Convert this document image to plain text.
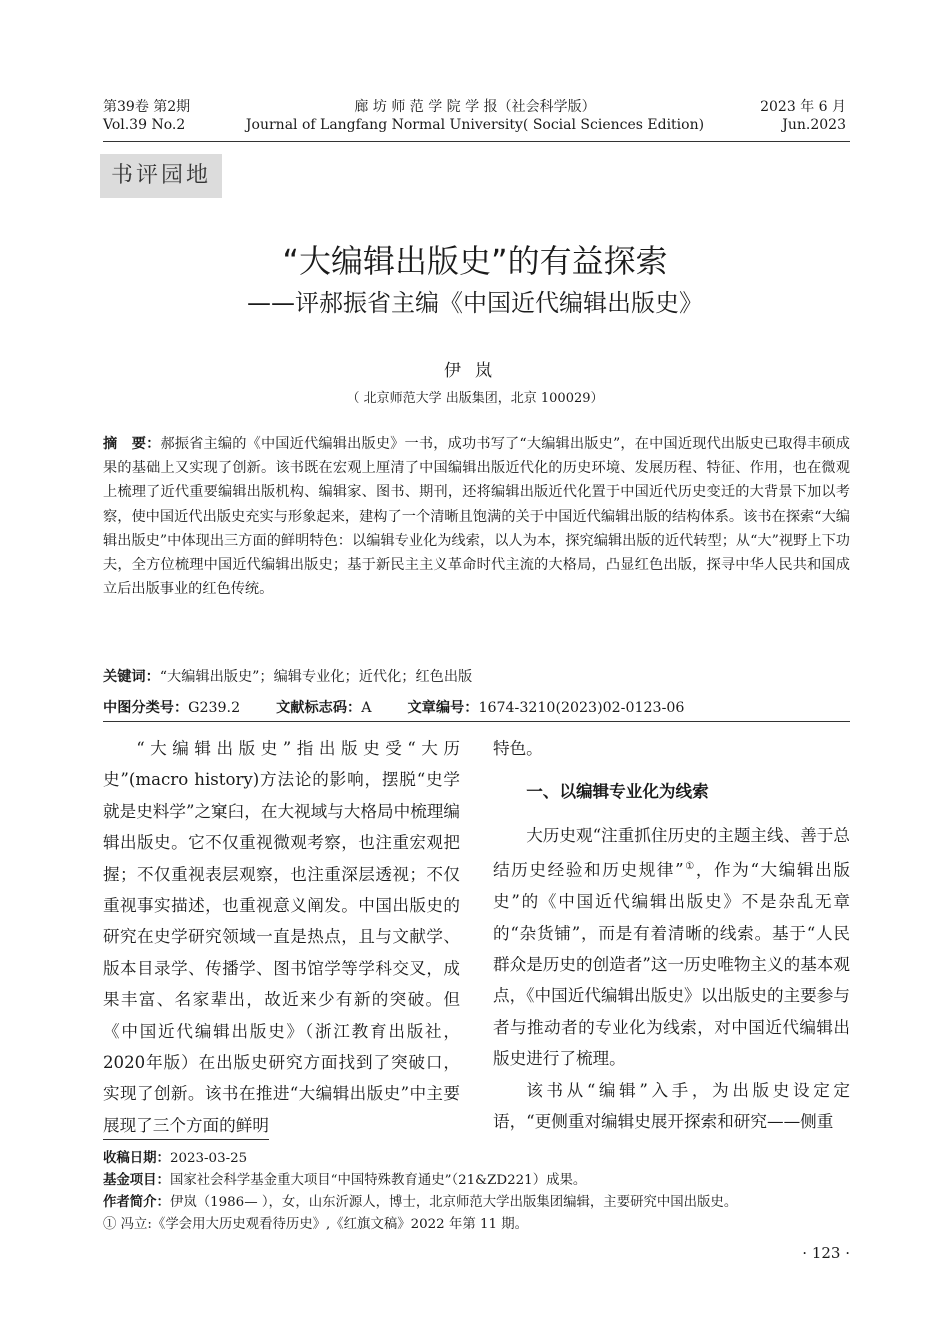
第39卷 第2期
Vol.39 No.2
廊 坊 师 范 学 院 学 报（社会科学版）
Journal of Langfang Normal University( Social Sciences Edition)
2023 年 6 月
Jun.2023
书评园地
“大编辑出版史”的有益探索
——评郝振省主编《中国近代编辑出版史》
伊岚
（ 北京师范大学 出版集团，北京 100029）
摘　要：郝振省主编的《中国近代编辑出版史》一书，成功书写了“大编辑出版史”，在中国近现代出版史已取得丰硕成果的基础上又实现了创新。该书既在宏观上厘清了中国编辑出版近代化的历史环境、发展历程、特征、作用，也在微观上梳理了近代重要编辑出版机构、编辑家、图书、期刊，还将编辑出版近代化置于中国近代历史变迁的大背景下加以考察，使中国近代出版史充实与形象起来，建构了一个清晰且饱满的关于中国近代编辑出版的结构体系。该书在探索“大编辑出版史”中体现出三方面的鲜明特色：以编辑专业化为线索，以人为本，探究编辑出版的近代转型；从“大”视野上下功夫，全方位梳理中国近代编辑出版史；基于新民主主义革命时代主流的大格局，凸显红色出版，探寻中华人民共和国成立后出版事业的红色传统。
关键词：“大编辑出版史”；编辑专业化；近代化；红色出版
中图分类号：G239.2	文献标志码：A	文章编号：1674-3210(2023)02-0123-06

“大编辑出版史”指出版史受“大历史”(macro history)方法论的影响，摆脱“史学就是史料学”之窠臼，在大视域与大格局中梳理编辑出版史。它不仅重视微观考察，也注重宏观把握；不仅重视表层观察，也注重深层透视；不仅重视事实描述，也重视意义阐发。中国出版史的研究在史学研究领域一直是热点，且与文献学、版本目录学、传播学、图书馆学等学科交叉，成果丰富、名家辈出，故近来少有新的突破。但《中国近代编辑出版史》（浙江教育出版社，2020年版）在出版史研究方面找到了突破口，实现了创新。该书在推进“大编辑出版史”中主要展现了三个方面的鲜明

特色。

一、以编辑专业化为线索

大历史观“注重抓住历史的主题主线、善于总结历史经验和历史规律”①，作为“大编辑出版史”的《中国近代编辑出版史》不是杂乱无章的“杂货铺”，而是有着清晰的线索。基于“人民群众是历史的创造者”这一历史唯物主义的基本观点，《中国近代编辑出版史》以出版史的主要参与者与推动者的专业化为线索，对中国近代编辑出版史进行了梳理。

该书从“编辑”入手，为出版史设定定语，“更侧重对编辑史展开探索和研究——侧重

收稿日期：2023-03-25
基金项目：国家社会科学基金重大项目“中国特殊教育通史”（21&ZD221）成果。
作者简介：伊岚（1986— ），女，山东沂源人，博士，北京师范大学出版集团编辑，主要研究中国出版史。
① 冯立:《学会用大历史观看待历史》,《红旗文稿》2022 年第 11 期。
· 123 ·
